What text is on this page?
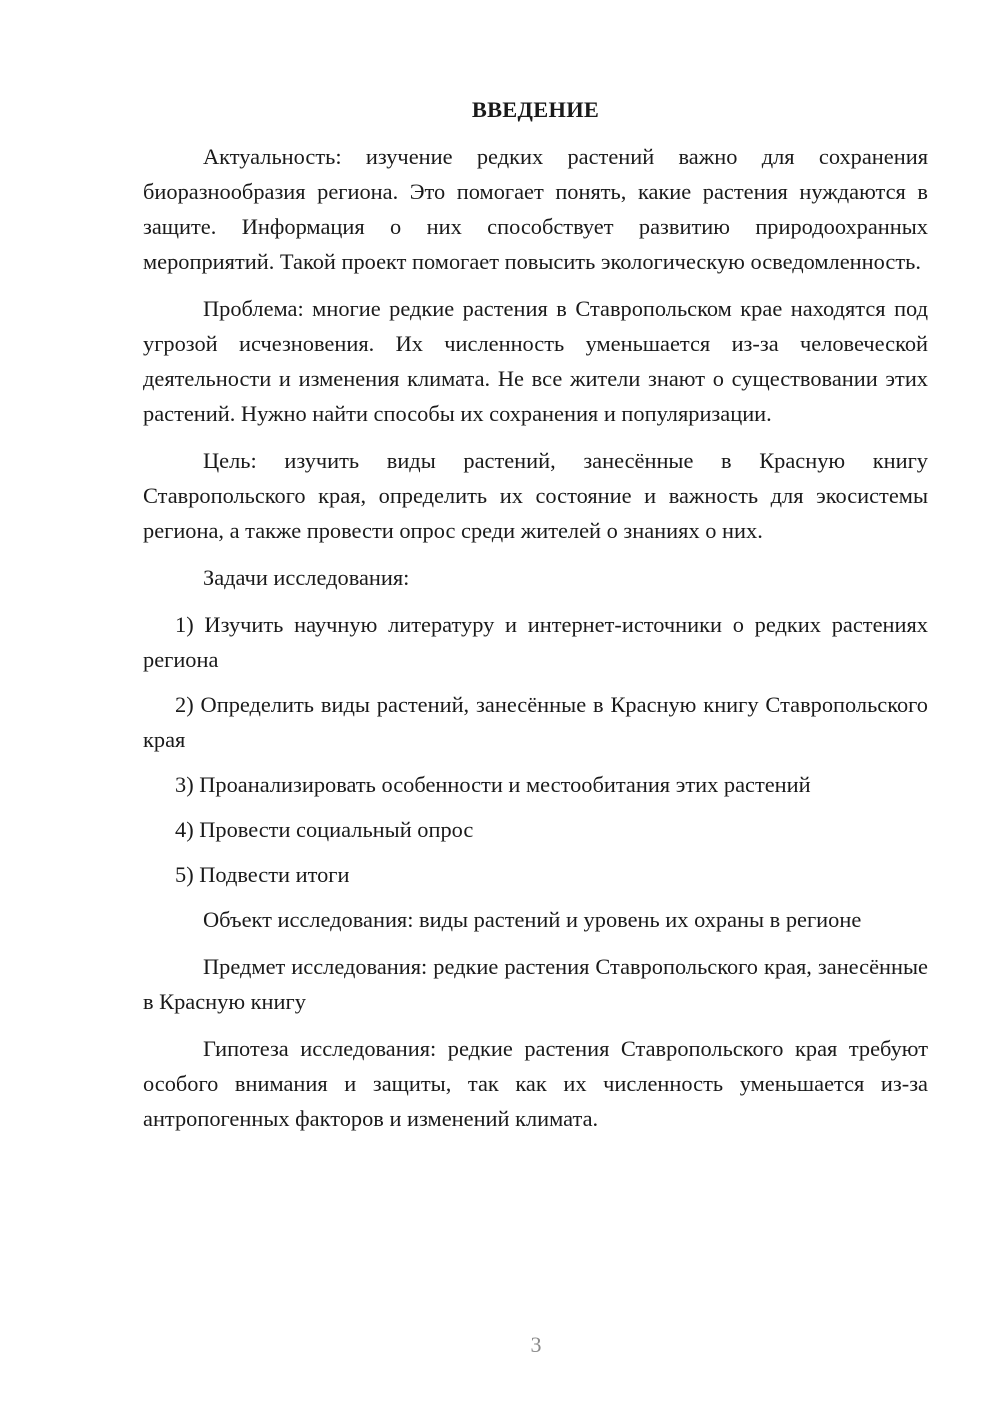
ВВЕДЕНИЕ

Актуальность: изучение редких растений важно для сохранения биоразнообразия региона. Это помогает понять, какие растения нуждаются в защите. Информация о них способствует развитию природоохранных мероприятий. Такой проект помогает повысить экологическую осведомленность.

Проблема: многие редкие растения в Ставропольском крае находятся под угрозой исчезновения. Их численность уменьшается из-за человеческой деятельности и изменения климата. Не все жители знают о существовании этих растений. Нужно найти способы их сохранения и популяризации.

Цель: изучить виды растений, занесённые в Красную книгу Ставропольского края, определить их состояние и важность для экосистемы региона, а также провести опрос среди жителей о знаниях о них.

Задачи исследования:

1) Изучить научную литературу и интернет-источники о редких растениях региона

2) Определить виды растений, занесённые в Красную книгу Ставропольского края

3) Проанализировать особенности и местообитания этих растений

4) Провести социальный опрос

5) Подвести итоги

Объект исследования: виды растений и уровень их охраны в регионе

Предмет исследования: редкие растения Ставропольского края, занесённые в Красную книгу

Гипотеза исследования: редкие растения Ставропольского края требуют особого внимания и защиты, так как их численность уменьшается из-за антропогенных факторов и изменений климата.

3
